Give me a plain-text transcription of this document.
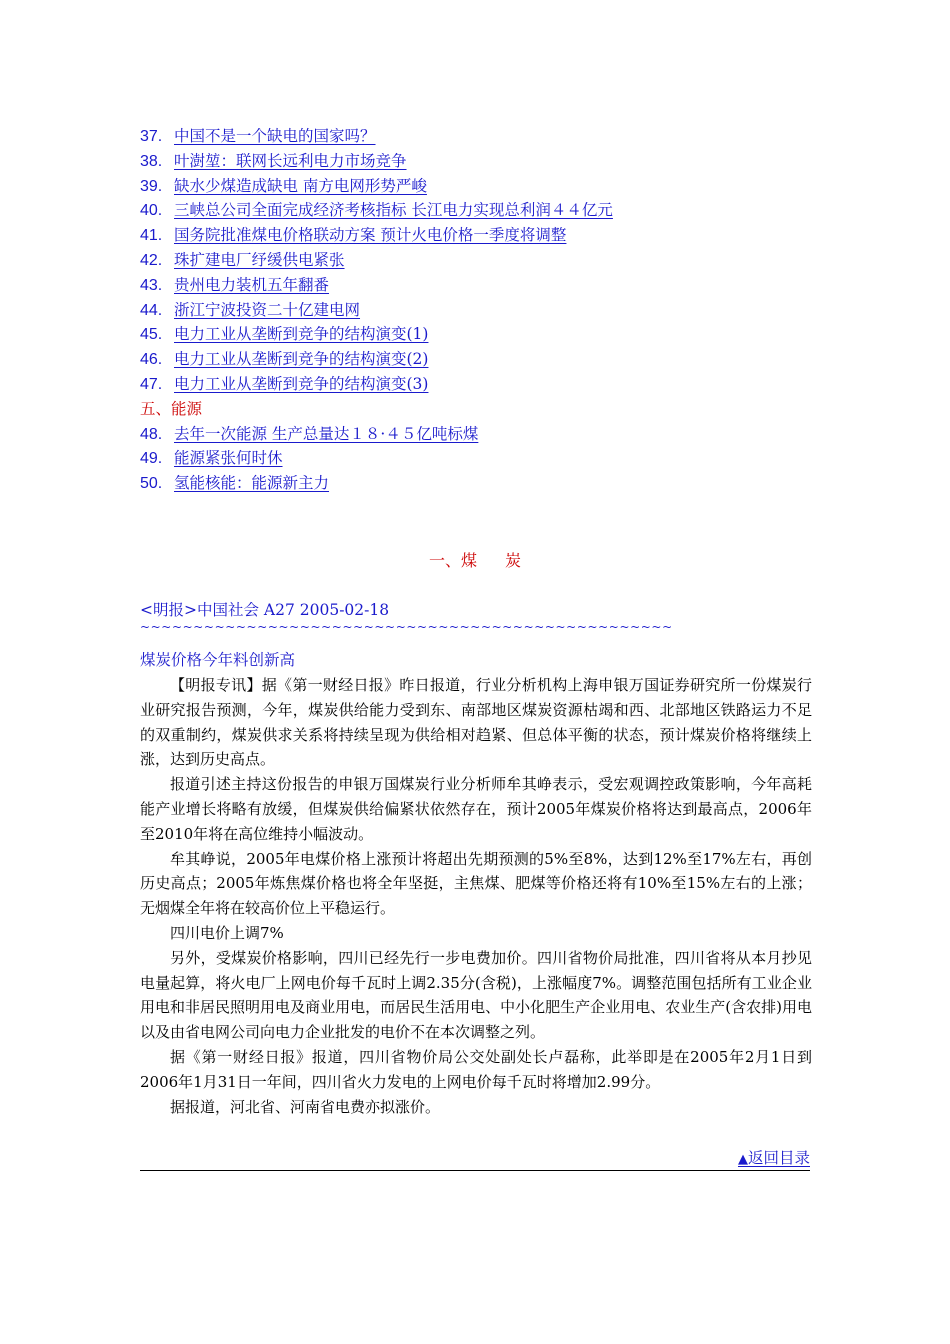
37. 中国不是一个缺电的国家吗？
38. 叶澍堃：联网长远利电力市场竞争
39. 缺水少煤造成缺电 南方电网形势严峻
40. 三峡总公司全面完成经济考核指标 长江电力实现总利润４４亿元
41. 国务院批准煤电价格联动方案 预计火电价格一季度将调整
42. 珠扩建电厂纾缓供电紧张
43. 贵州电力装机五年翻番
44. 浙江宁波投资二十亿建电网
45. 电力工业从垄断到竞争的结构演变(1)
46. 电力工业从垄断到竞争的结构演变(2)
47. 电力工业从垄断到竞争的结构演变(3)
五、能源
48. 去年一次能源 生产总量达１８·４５亿吨标煤
49. 能源紧张何时休
50. 氢能核能：能源新主力
一、煤 炭
<明报>中国社会 A27 2005-02-18
~~~~~~~~~~~~~~~~~~~~~~~~~~~~~~~~~~~~~~~~~~~~~~~~~~
煤炭价格今年料创新高

【明报专讯】据《第一财经日报》昨日报道，行业分析机构上海申银万国证券研究所一份煤炭行业研究报告预测，今年，煤炭供给能力受到东、南部地区煤炭资源枯竭和西、北部地区铁路运力不足的双重制约，煤炭供求关系将持续呈现为供给相对趋紧、但总体平衡的状态，预计煤炭价格将继续上涨，达到历史高点。

报道引述主持这份报告的申银万国煤炭行业分析师牟其峥表示，受宏观调控政策影响，今年高耗能产业增长将略有放缓，但煤炭供给偏紧状依然存在，预计2005年煤炭价格将达到最高点，2006年至2010年将在高位维持小幅波动。

牟其峥说，2005年电煤价格上涨预计将超出先期预测的5%至8%，达到12%至17%左右，再创历史高点；2005年炼焦煤价格也将全年坚挺，主焦煤、肥煤等价格还将有10%至15%左右的上涨；无烟煤全年将在较高价位上平稳运行。

四川电价上调7%

另外，受煤炭价格影响，四川已经先行一步电费加价。四川省物价局批准，四川省将从本月抄见电量起算，将火电厂上网电价每千瓦时上调2.35分(含税)，上涨幅度7%。调整范围包括所有工业企业用电和非居民照明用电及商业用电，而居民生活用电、中小化肥生产企业用电、农业生产(含农排)用电以及由省电网公司向电力企业批发的电价不在本次调整之列。

据《第一财经日报》报道，四川省物价局公交处副处长卢磊称，此举即是在2005年2月1日到2006年1月31日一年间，四川省火力发电的上网电价每千瓦时将增加2.99分。

据报道，河北省、河南省电费亦拟涨价。

▲返回目录
